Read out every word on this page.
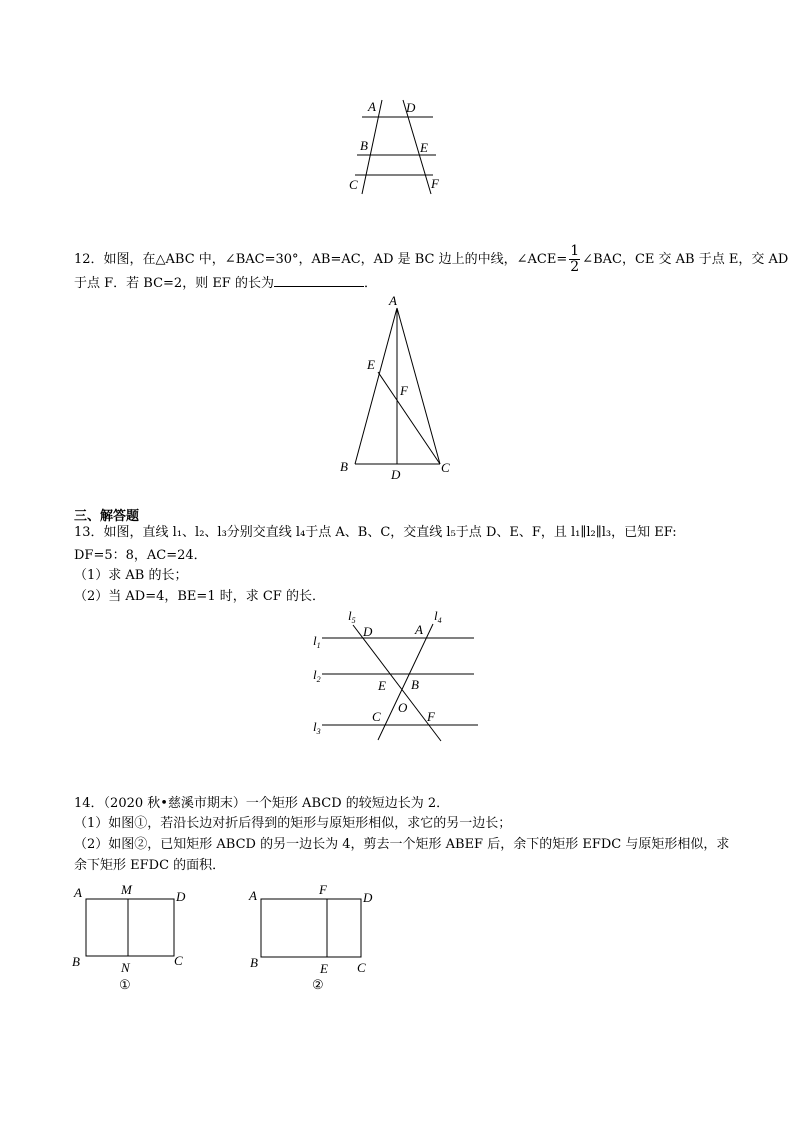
A D
B	E
C	F
12．如图，在△ABC 中，∠BAC=30°，AB=AC，AD 是 BC 边上的中线，∠ACE= $\frac{1}{2}$ ∠BAC，CE 交 AB 于点 E，交 AD
于点 F．若 BC=2，则 EF 的长为	．
A
E
F
B
D	C
三、解答题
13．如图，直线 l₁、l₂、l₃分别交直线 l₄于点 A、B、C，交直线 l₅于点 D、E、F，且 l₁∥l₂∥l₃，已知 EF:
DF=5：8，AC=24．
（1）求 AB 的长；
（2）当 AD=4，BE=1 时，求 CF 的长．
$l_5$	$l_4$
$l_1$
$l_2$
$l_3$
D	A
E B
O
C	F
14．（2020 秋•慈溪市期末）一个矩形 ABCD 的较短边长为 2．
（1）如图①，若沿长边对折后得到的矩形与原矩形相似，求它的另一边长；
（2）如图②，已知矩形 ABCD 的另一边长为 4，剪去一个矩形 ABEF 后，余下的矩形 EFDC 与原矩形相似，求
余下矩形 EFDC 的面积．
A	M	D
B	N	C
①
A	F
D
B	E C
②
